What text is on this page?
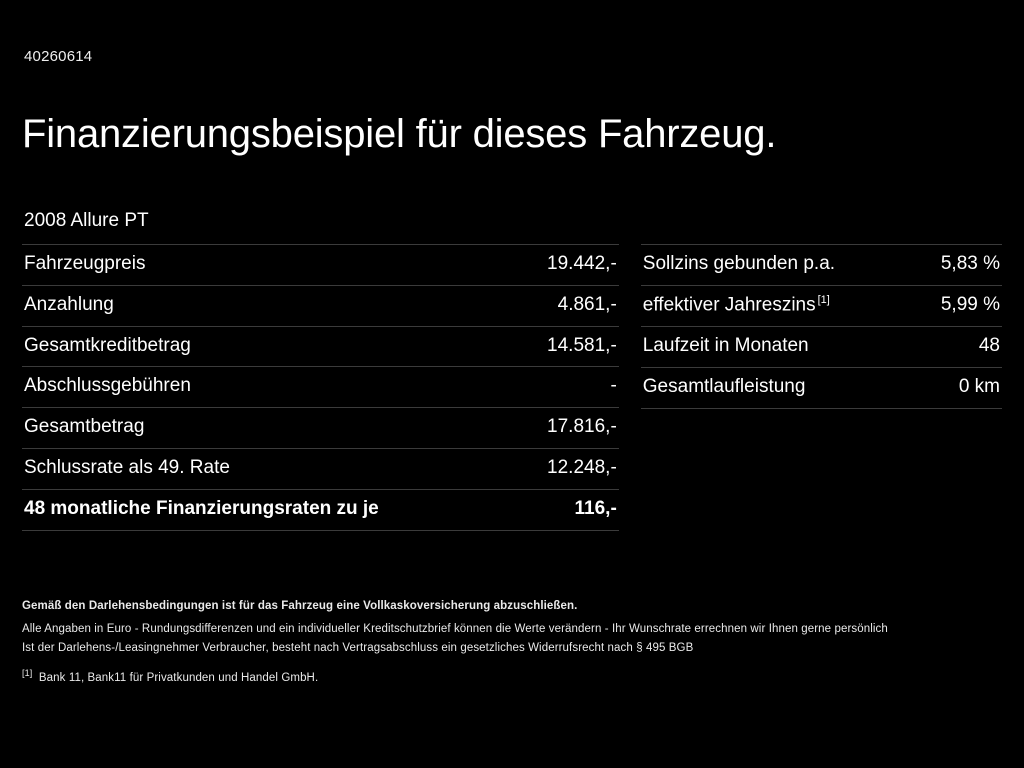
40260614
Finanzierungsbeispiel für dieses Fahrzeug.
2008 Allure PT
Fahrzeugpreis	19.442,-
Anzahlung	4.861,-
Gesamtkreditbetrag	14.581,-
Abschlussgebühren	-
Gesamtbetrag	17.816,-
Schlussrate als 49. Rate	12.248,-
48 monatliche Finanzierungsraten zu je	116,-
Sollzins gebunden p.a.	5,83 %
effektiver Jahreszins [1]	5,99 %
Laufzeit in Monaten	48
Gesamtlaufleistung	0 km
Gemäß den Darlehensbedingungen ist für das Fahrzeug eine Vollkaskoversicherung abzuschließen.
Alle Angaben in Euro - Rundungsdifferenzen und ein individueller Kreditschutzbrief können die Werte verändern - Ihr Wunschrate errechnen wir Ihnen gerne persönlich
Ist der Darlehens-/Leasingnehmer Verbraucher, besteht nach Vertragsabschluss ein gesetzliches Widerrufsrecht nach § 495 BGB
[1] Bank 11, Bank11 für Privatkunden und Handel GmbH.
